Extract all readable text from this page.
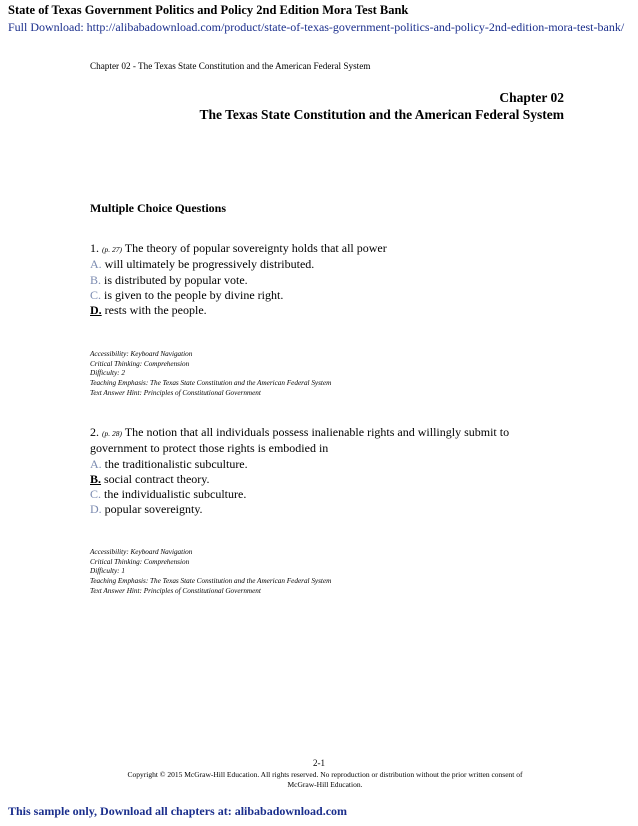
State of Texas Government Politics and Policy 2nd Edition Mora Test Bank
Full Download: http://alibabadownload.com/product/state-of-texas-government-politics-and-policy-2nd-edition-mora-test-bank/
Chapter 02 - The Texas State Constitution and the American Federal System
Chapter 02
The Texas State Constitution and the American Federal System
Multiple Choice Questions
1. (p. 27) The theory of popular sovereignty holds that all power
A. will ultimately be progressively distributed.
B. is distributed by popular vote.
C. is given to the people by divine right.
D. rests with the people.
Accessibility: Keyboard Navigation
Critical Thinking: Comprehension
Difficulty: 2
Teaching Emphasis: The Texas State Constitution and the American Federal System
Text Answer Hint: Principles of Constitutional Government
2. (p. 28) The notion that all individuals possess inalienable rights and willingly submit to
government to protect those rights is embodied in
A. the traditionalistic subculture.
B. social contract theory.
C. the individualistic subculture.
D. popular sovereignty.
Accessibility: Keyboard Navigation
Critical Thinking: Comprehension
Difficulty: 1
Teaching Emphasis: The Texas State Constitution and the American Federal System
Text Answer Hint: Principles of Constitutional Government
2-1
Copyright © 2015 McGraw-Hill Education. All rights reserved. No reproduction or distribution without the prior written consent of
McGraw-Hill Education.
This sample only, Download all chapters at: alibabadownload.com
